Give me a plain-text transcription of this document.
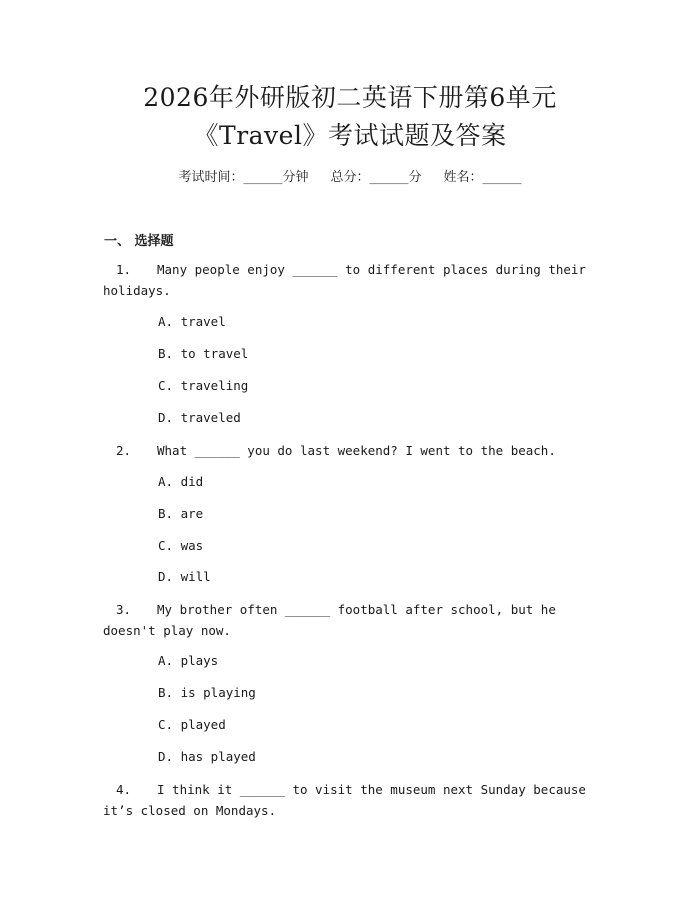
2026年外研版初二英语下册第6单元
《Travel》考试试题及答案
考试时间：______分钟 总分：______分 姓名：______
一、 选择题
1. Many people enjoy ______ to different places during their holidays.
A. travel
B. to travel
C. traveling
D. traveled
2. What ______ you do last weekend? I went to the beach.
A. did
B. are
C. was
D. will
3. My brother often ______ football after school, but he doesn't play now.
A. plays
B. is playing
C. played
D. has played
4. I think it ______ to visit the museum next Sunday because it’s closed on Mondays.
